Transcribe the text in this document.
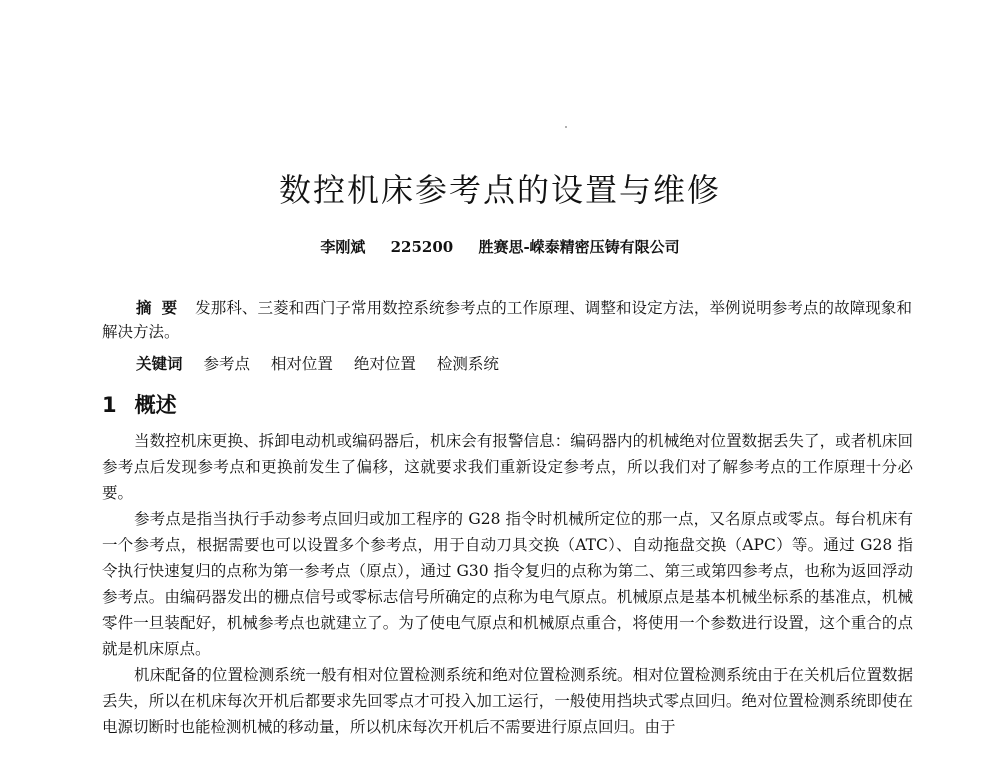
数控机床参考点的设置与维修
李刚斌 225200 胜赛思-嵘泰精密压铸有限公司
摘要 发那科、三菱和西门子常用数控系统参考点的工作原理、调整和设定方法，举例说明参考点的故障现象和解决方法。
关键词 参考点 相对位置 绝对位置 检测系统
1 概述

当数控机床更换、拆卸电动机或编码器后，机床会有报警信息：编码器内的机械绝对位置数据丢失了，或者机床回参考点后发现参考点和更换前发生了偏移，这就要求我们重新设定参考点，所以我们对了解参考点的工作原理十分必要。

参考点是指当执行手动参考点回归或加工程序的 G28 指令时机械所定位的那一点，又名原点或零点。每台机床有一个参考点，根据需要也可以设置多个参考点，用于自动刀具交换（ATC）、自动拖盘交换（APC）等。通过 G28 指令执行快速复归的点称为第一参考点（原点），通过 G30 指令复归的点称为第二、第三或第四参考点，也称为返回浮动参考点。由编码器发出的栅点信号或零标志信号所确定的点称为电气原点。机械原点是基本机械坐标系的基准点，机械零件一旦装配好，机械参考点也就建立了。为了使电气原点和机械原点重合，将使用一个参数进行设置，这个重合的点就是机床原点。

机床配备的位置检测系统一般有相对位置检测系统和绝对位置检测系统。相对位置检测系统由于在关机后位置数据丢失，所以在机床每次开机后都要求先回零点才可投入加工运行，一般使用挡块式零点回归。绝对位置检测系统即使在电源切断时也能检测机械的移动量，所以机床每次开机后不需要进行原点回归。由于
